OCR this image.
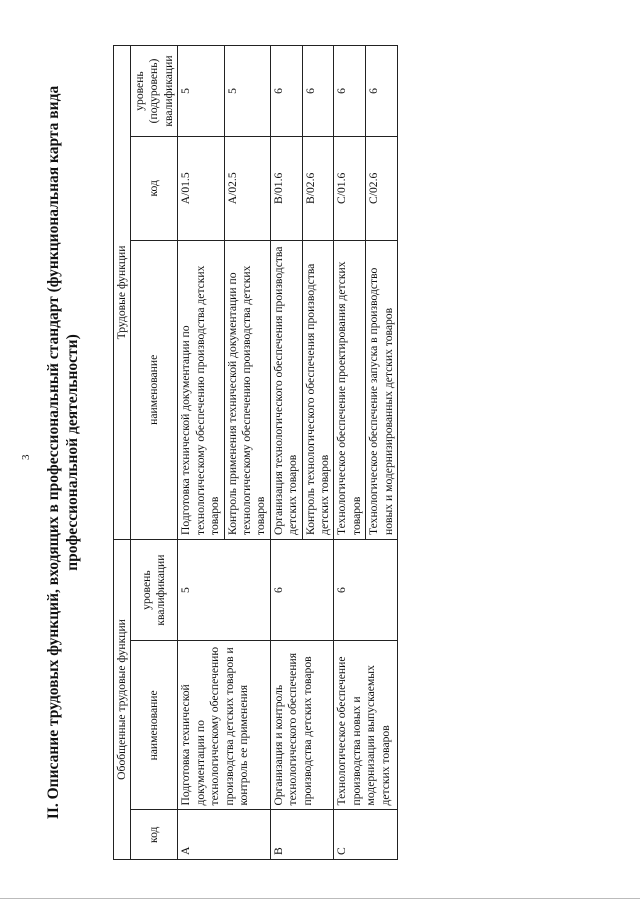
3 II. Описание трудовых функций, входящих в профессиональный стандарт (функциональная карта вида профессиональной деятельности)
Обобщенные трудовые функции			Трудовые функции		
код	наименование	уровень квалификации	наименование	код	уровень (подуровень) квалификации
A	Подготовка технической документации по технологическому обеспечению производства детских товаров и контроль ее применения	5	Подготовка технической документации по технологическому обеспечению производства детских товаров	A/01.5	5
			Контроль применения технической документации по технологическому обеспечению производства детских товаров	A/02.5	5
B	Организация и контроль технологического обеспечения производства детских товаров	6	Организация технологического обеспечения производства детских товаров	B/01.6	6
			Контроль технологического обеспечения производства детских товаров	B/02.6	6
C	Технологическое обеспечение производства новых и модернизации выпускаемых детских товаров	6	Технологическое обеспечение проектирования детских товаров	C/01.6	6
			Технологическое обеспечение запуска в производство новых и модернизированных детских товаров	C/02.6	6
